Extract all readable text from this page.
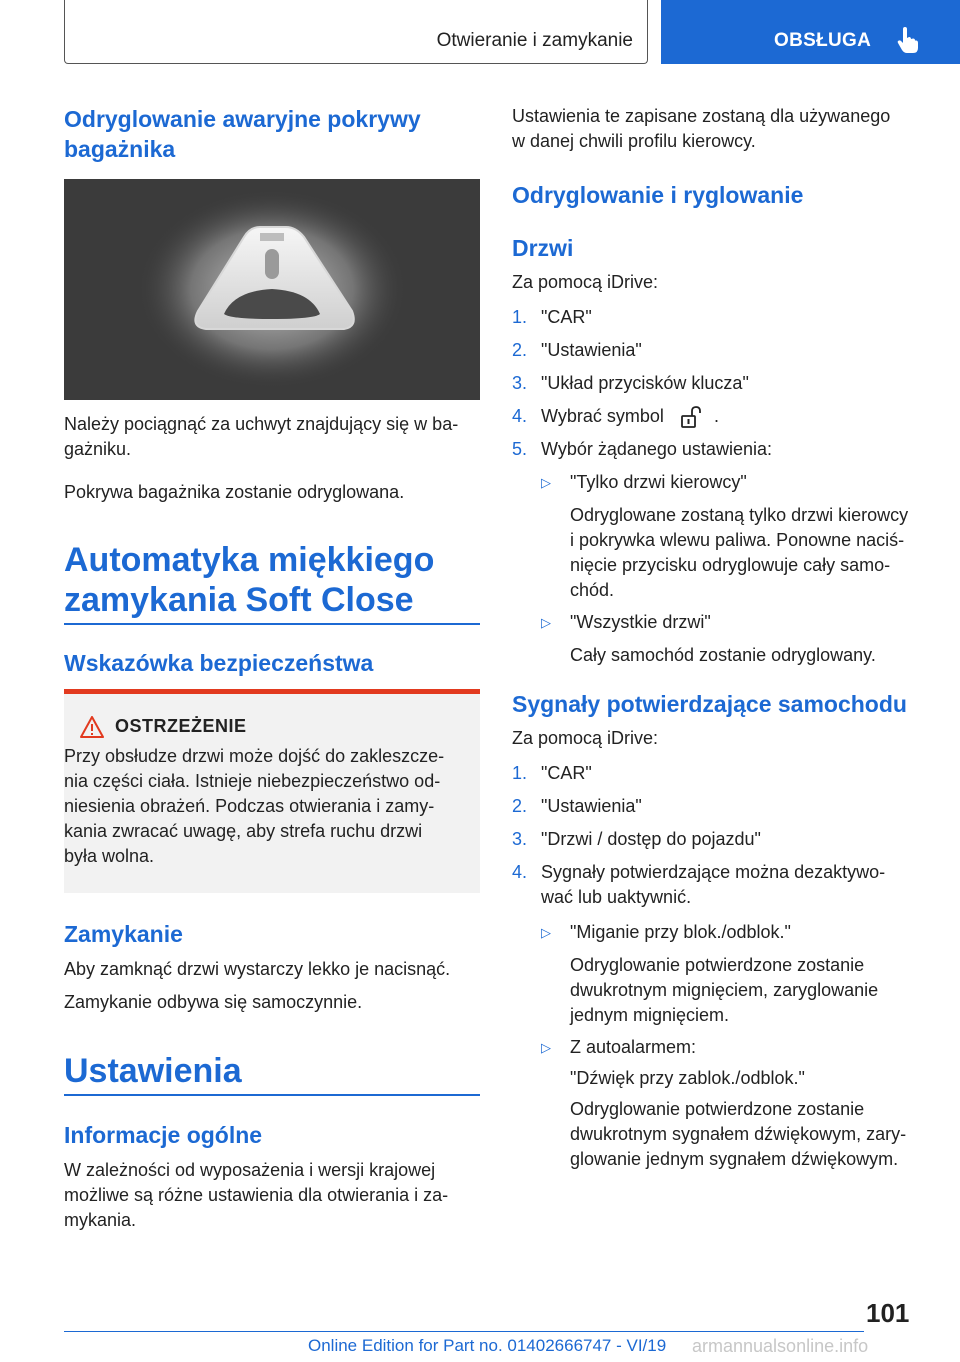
Otwieranie i zamykanie	OBSŁUGA
Odryglowanie awaryjne pokrywy bagażnika

Należy pociągnąć za uchwyt znajdujący się w ba-

gażniku.

Pokrywa bagażnika zostanie odryglowana.

Automatyka miękkiego
zamykania Soft Close
Wskazówka bezpieczeństwa
OSTRZEŻENIE

Przy obsłudze drzwi może dojść do zakleszcze-

nia części ciała. Istnieje niebezpieczeństwo od-

niesienia obrażeń. Podczas otwierania i zamy-

kania zwracać uwagę, aby strefa ruchu drzwi

była wolna.

Zamykanie

Aby zamknąć drzwi wystarczy lekko je nacisnąć.

Zamykanie odbywa się samoczynnie.

Ustawienia
Informacje ogólne

W zależności od wyposażenia i wersji krajowej

możliwe są różne ustawienia dla otwierania i za-

mykania.

Ustawienia te zapisane zostaną dla używanego

w danej chwili profilu kierowcy.

Odryglowanie i ryglowanie
Drzwi

Za pomocą iDrive:

1. "CAR"
2. "Ustawienia"
3. "Układ przycisków klucza"
4. Wybrać symbol	.
5. Wybór żądanego ustawienia:
▷ "Tylko drzwi kierowcy"

Odryglowane zostaną tylko drzwi kierowcy

i pokrywka wlewu paliwa. Ponowne naciś-

nięcie przycisku odryglowuje cały samo-

chód.

▷ "Wszystkie drzwi"

Cały samochód zostanie odryglowany.

Sygnały potwierdzające samochodu

Za pomocą iDrive:

1. "CAR"
2. "Ustawienia"
3. "Drzwi / dostęp do pojazdu"
4. Sygnały potwierdzające można dezaktywo-
wać lub uaktywnić.
▷ "Miganie przy blok./odblok."

Odryglowanie potwierdzone zostanie

dwukrotnym mignięciem, zaryglowanie

jednym mignięciem.

▷ Z autoalarmem:

"Dźwięk przy zablok./odblok."

Odryglowanie potwierdzone zostanie

dwukrotnym sygnałem dźwiękowym, zary-

glowanie jednym sygnałem dźwiękowym.

101
Online Edition for Part no. 01402666747 - VI/19 armannualsonline.info
